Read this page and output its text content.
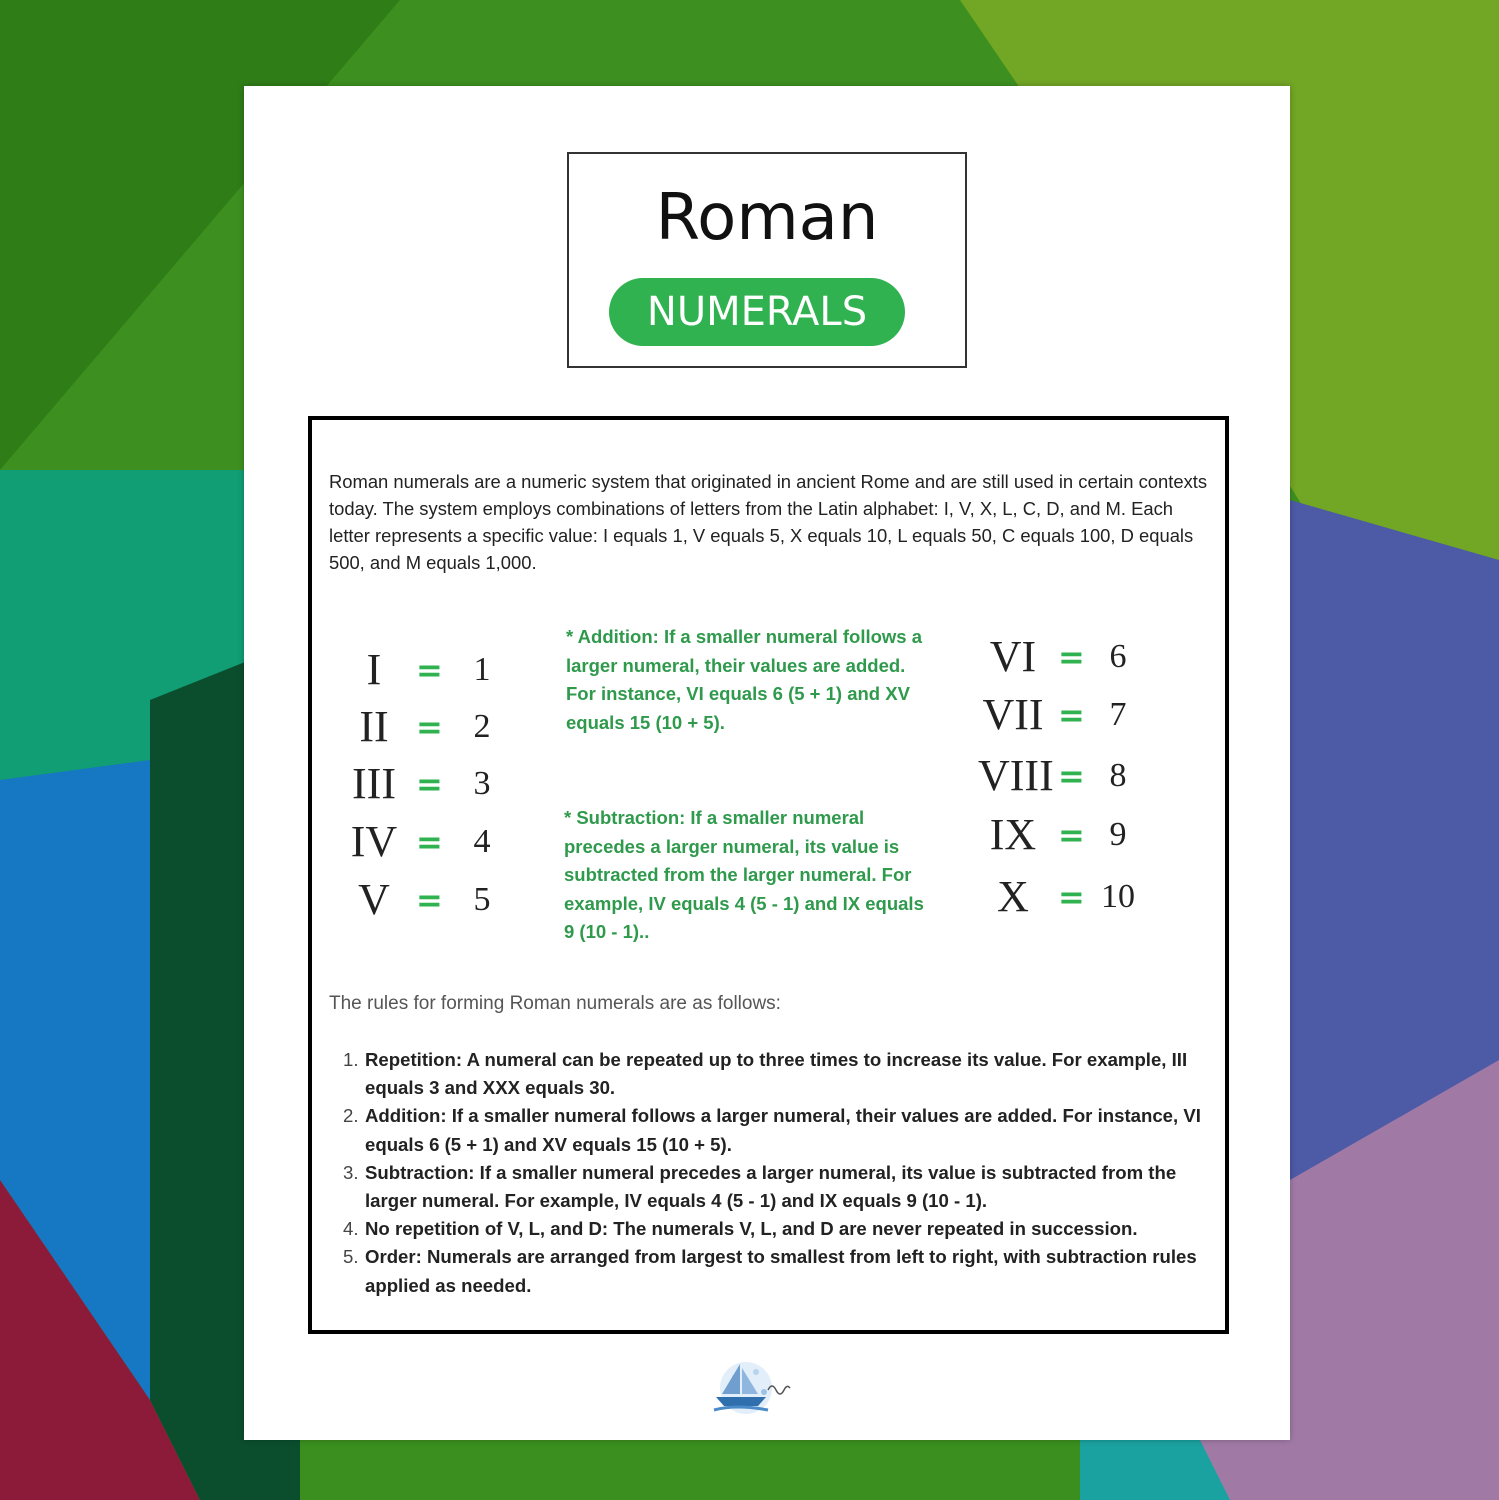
Roman
NUMERALS
Roman numerals are a numeric system that originated in ancient Rome and are still used in certain contexts today. The system employs combinations of letters from the Latin alphabet: I, V, X, L, C, D, and M. Each letter represents a specific value: I equals 1, V equals 5, X equals 10, L equals 50, C equals 100, D equals 500, and M equals 1,000.
I	= 1
II = 2
III = 3
IV = 4
V = 5
* Addition: If a smaller numeral follows a larger numeral, their values are added.
For instance, VI equals 6 (5 + 1) and XV equals 15 (10 + 5).
* Subtraction: If a smaller numeral precedes a larger numeral, its value is subtracted from the larger numeral. For example, IV equals 4 (5 - 1) and IX equals 9 (10 - 1)..
VI = 6
VII = 7
VIII = 8
IX = 9
X = 10
The rules for forming Roman numerals are as follows:
1. Repetition: A numeral can be repeated up to three times to increase its value. For example, III equals 3 and XXX equals 30.
2. Addition: If a smaller numeral follows a larger numeral, their values are added. For instance, VI equals 6 (5 + 1) and XV equals 15 (10 + 5).
3. Subtraction: If a smaller numeral precedes a larger numeral, its value is subtracted from the larger numeral. For example, IV equals 4 (5 - 1) and IX equals 9 (10 - 1).
4. No repetition of V, L, and D: The numerals V, L, and D are never repeated in succession.
5. Order: Numerals are arranged from largest to smallest from left to right, with subtraction rules applied as needed.
